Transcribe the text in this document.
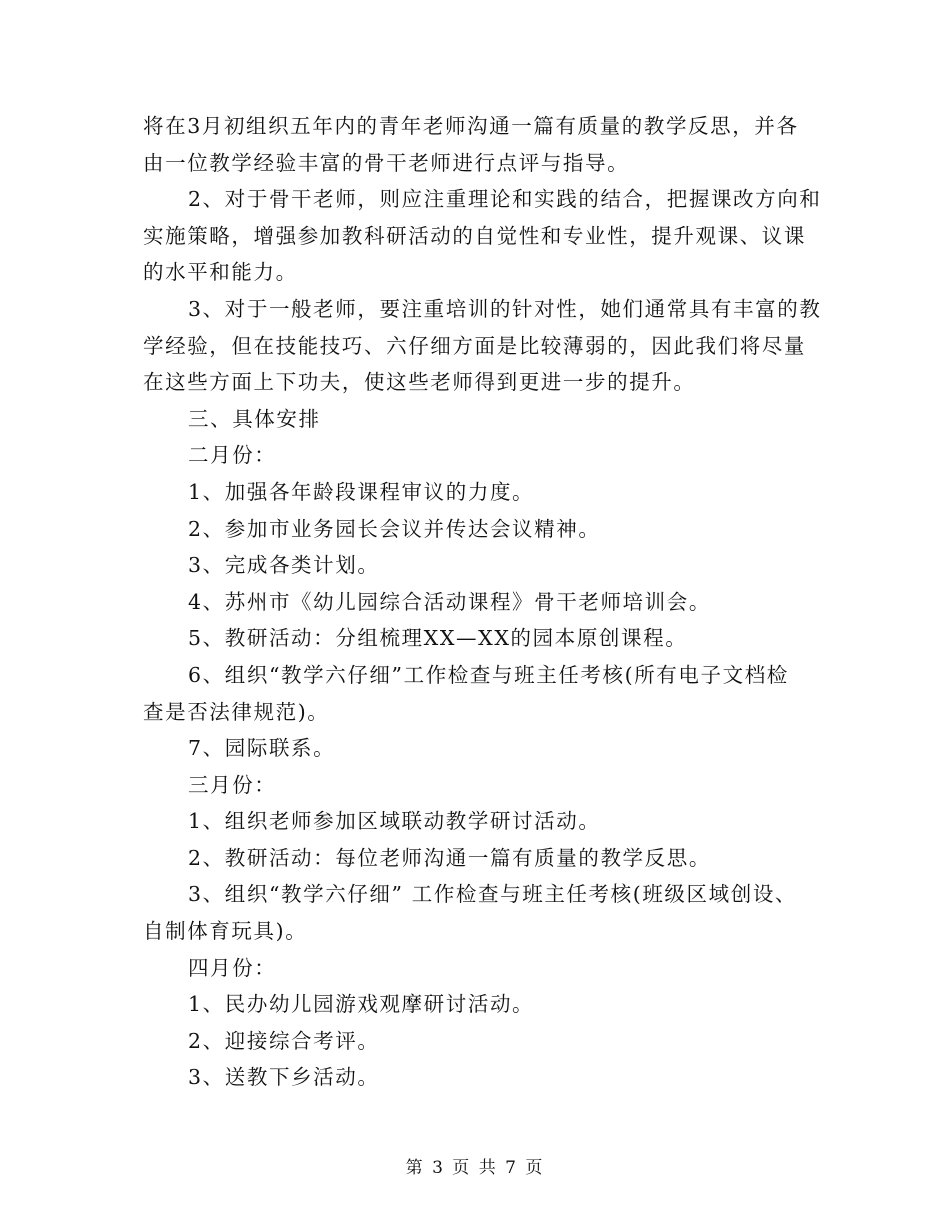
将在3月初组织五年内的青年老师沟通一篇有质量的教学反思，并各
由一位教学经验丰富的骨干老师进行点评与指导。
2、对于骨干老师，则应注重理论和实践的结合，把握课改方向和
实施策略，增强参加教科研活动的自觉性和专业性，提升观课、议课
的水平和能力。
3、对于一般老师，要注重培训的针对性，她们通常具有丰富的教
学经验，但在技能技巧、六仔细方面是比较薄弱的，因此我们将尽量
在这些方面上下功夫，使这些老师得到更进一步的提升。
三、具体安排
二月份：
1、加强各年龄段课程审议的力度。
2、参加市业务园长会议并传达会议精神。
3、完成各类计划。
4、苏州市《幼儿园综合活动课程》骨干老师培训会。
5、教研活动：分组梳理XX—XX的园本原创课程。
6、组织“教学六仔细”工作检查与班主任考核(所有电子文档检
查是否法律规范)。
7、园际联系。
三月份：
1、组织老师参加区域联动教学研讨活动。
2、教研活动：每位老师沟通一篇有质量的教学反思。
3、组织“教学六仔细” 工作检查与班主任考核(班级区域创设、
自制体育玩具)。
四月份：
1、民办幼儿园游戏观摩研讨活动。
2、迎接综合考评。
3、送教下乡活动。
第 3 页 共 7 页
